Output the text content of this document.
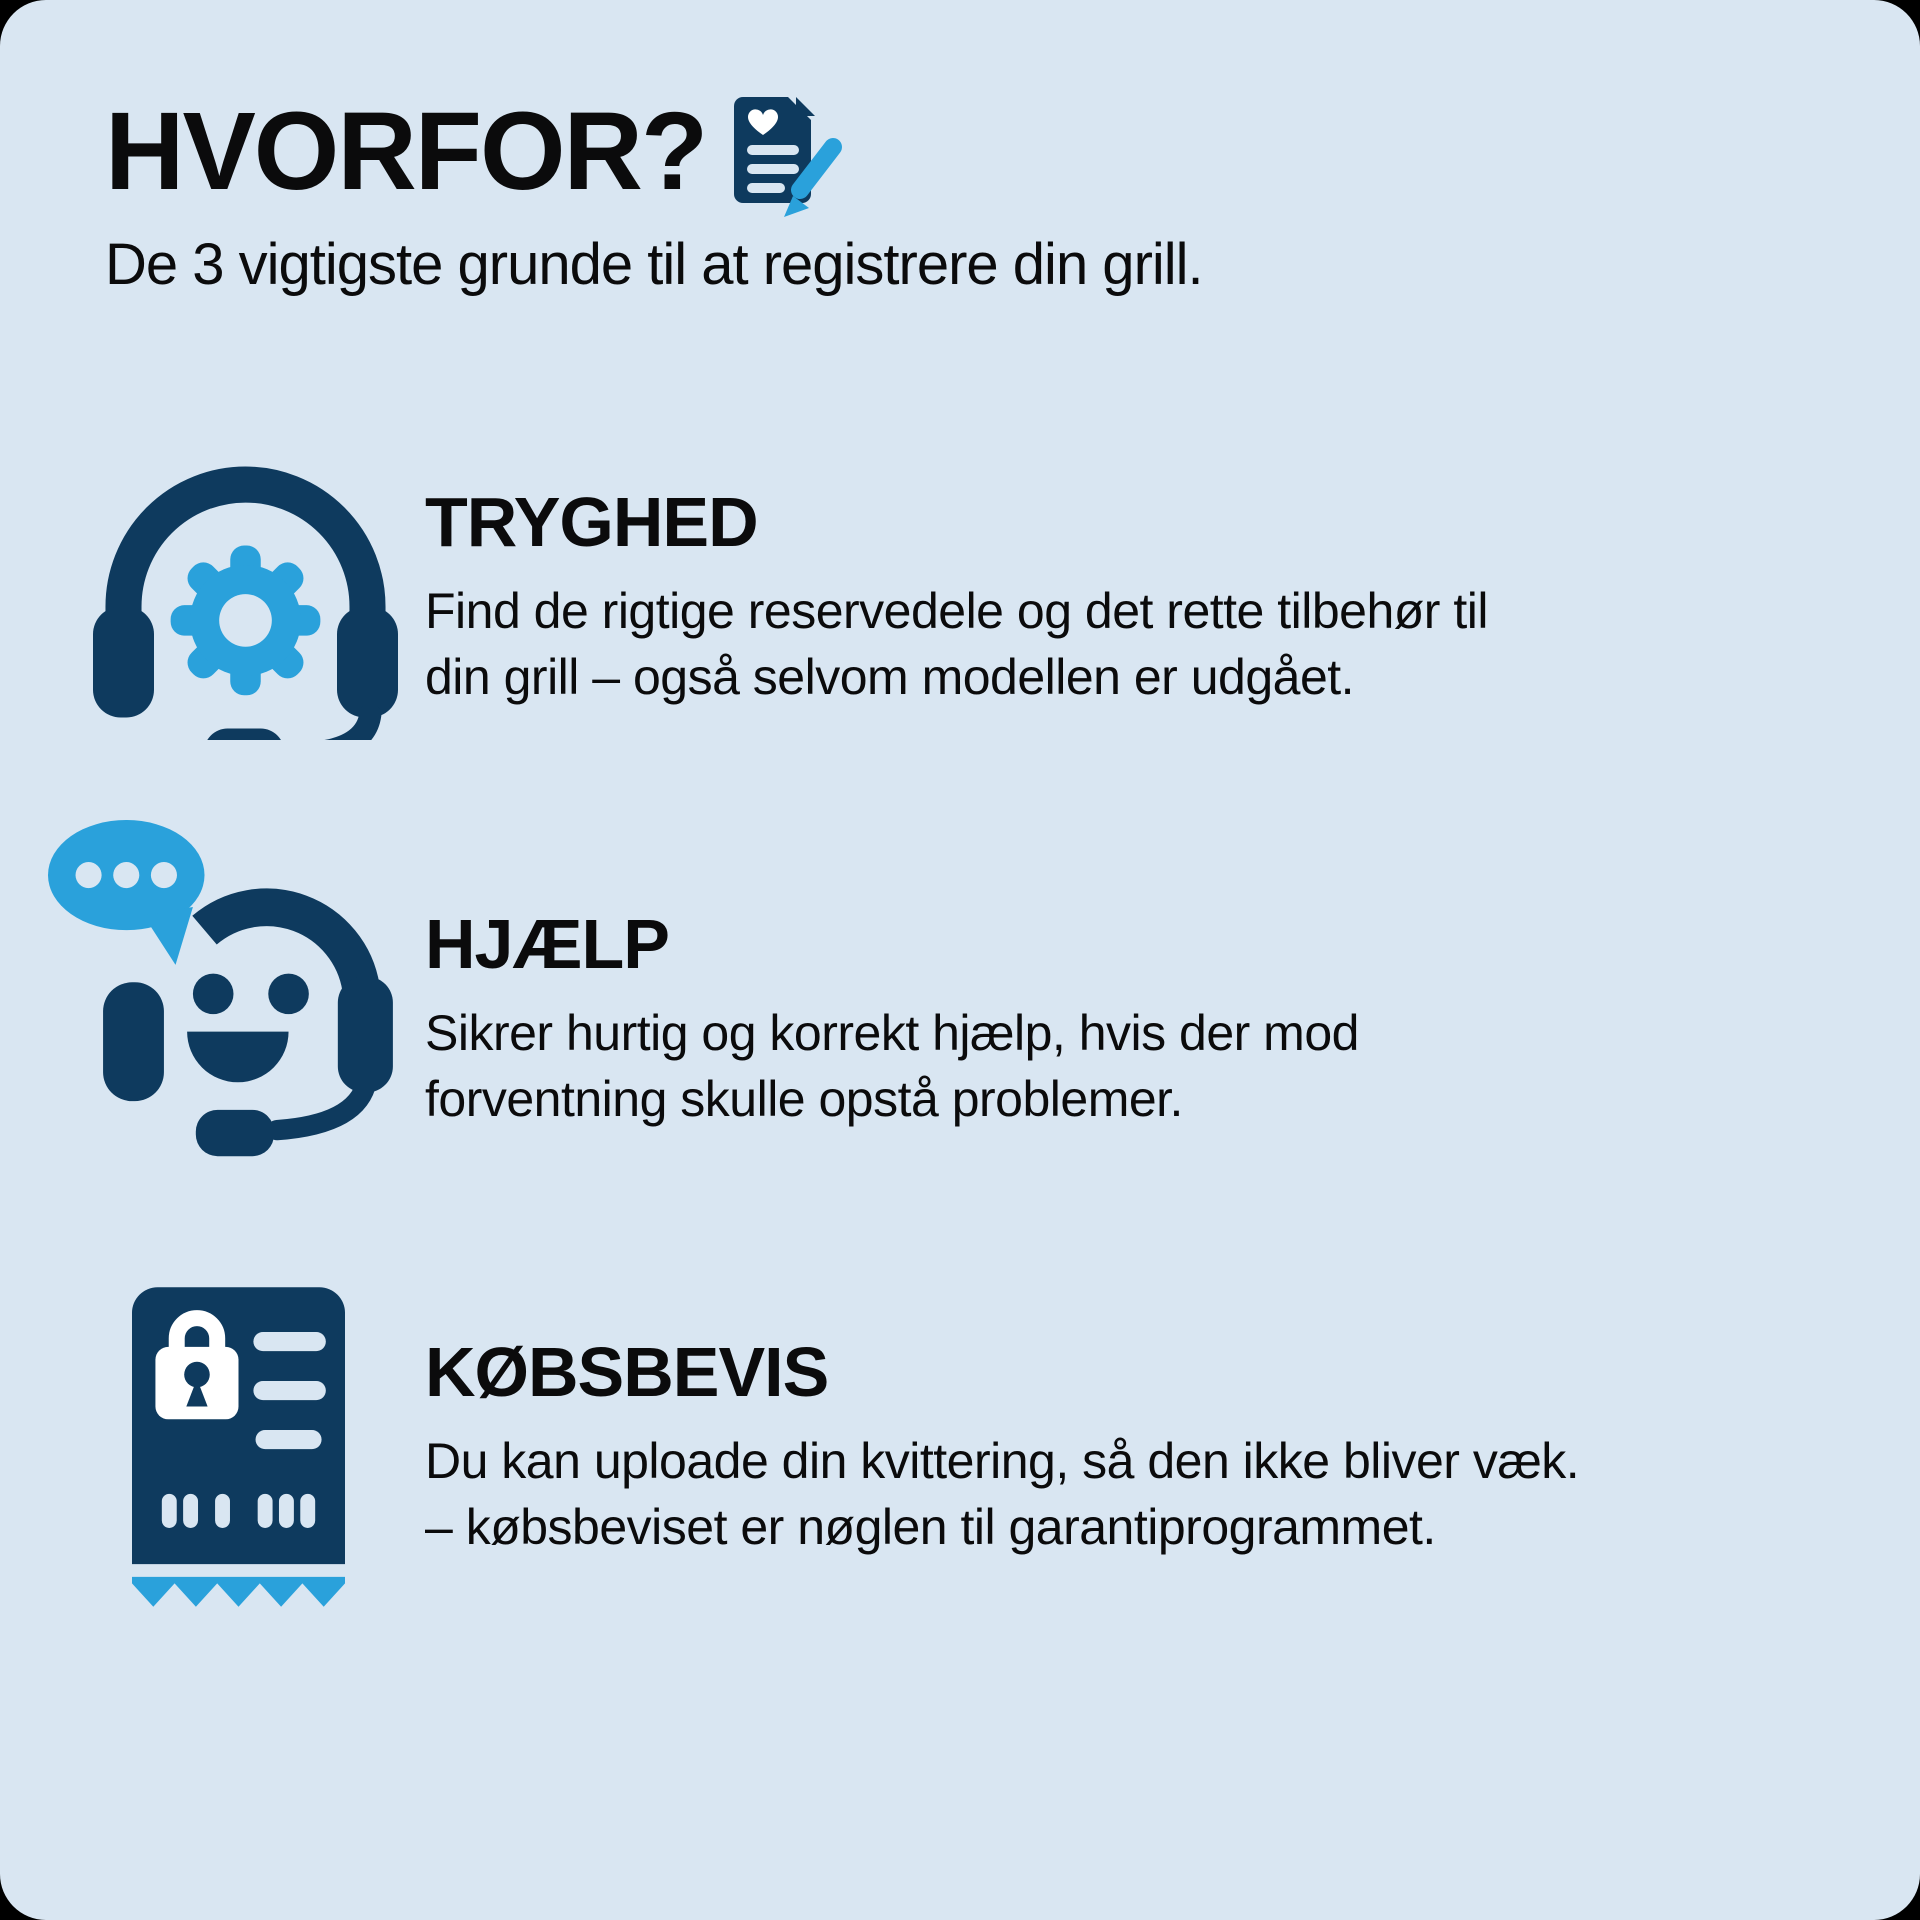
HVORFOR?
De 3 vigtigste grunde til at registrere din grill.
TRYGHED
Find de rigtige reservedele og det rette tilbehør til
din grill – også selvom modellen er udgået.
HJÆLP
Sikrer hurtig og korrekt hjælp, hvis der mod
forventning skulle opstå problemer.
KØBSBEVIS
Du kan uploade din kvittering, så den ikke bliver væk.
– købsbeviset er nøglen til garantiprogrammet.
